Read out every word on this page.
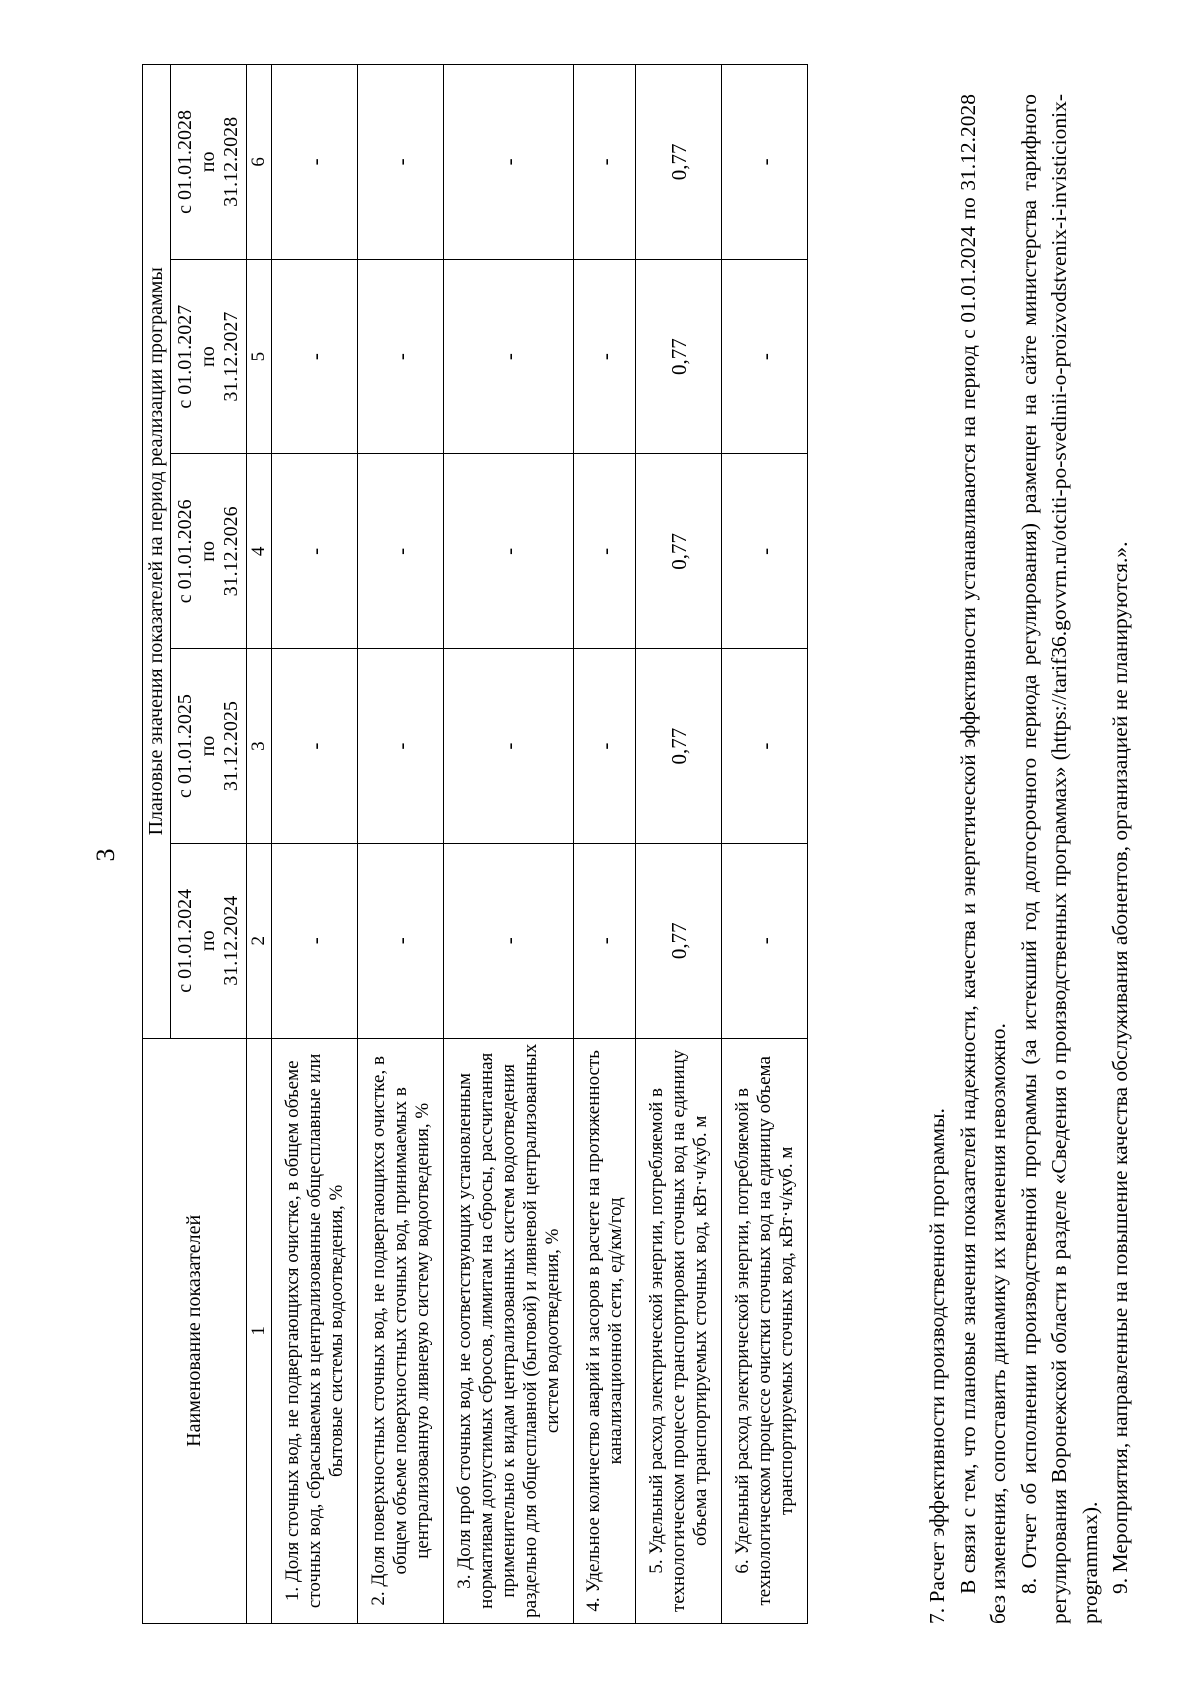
3
Наименование показателей	Плановые значения показателей на период реализации программы				

	с 01.01.2024 по 31.12.2024	с 01.01.2025 по 31.12.2025	с 01.01.2026 по 31.12.2026	с 01.01.2027 по 31.12.2027	с 01.01.2028 по 31.12.2028

1	2	3	4	5	6
1. Доля сточных вод, не подвергающихся очистке, в общем объеме сточных вод, сбрасываемых в централизованные общесплавные или бытовые системы водоотведения, %	-	-	-	-	-
2. Доля поверхностных сточных вод, не подвергающихся очистке, в общем объеме поверхностных сточных вод, принимаемых в централизованную ливневую систему водоотведения, %	-	-	-	-	-
3. Доля проб сточных вод, не соответствующих установленным нормативам допустимых сбросов, лимитам на сбросы, рассчитанная применительно к видам централизованных систем водоотведения раздельно для общесплавной (бытовой) и ливневой централизованных систем водоотведения, %	-	-	-	-	-
4. Удельное количество аварий и засоров в расчете на протяженность канализационной сети, ед/км/год	-	-	-	-	-
5. Удельный расход электрической энергии, потребляемой в технологическом процессе транспортировки сточных вод на единицу объема транспортируемых сточных вод, кВт·ч/куб. м	0,77	0,77	0,77	0,77	0,77
6. Удельный расход электрической энергии, потребляемой в технологическом процессе очистки сточных вод на единицу объема транспортируемых сточных вод, кВт·ч/куб. м	-	-	-	-	-

7. Расчет эффективности производственной программы. В связи с тем, что плановые значения показателей надежности, качества и энергетической эффективности устанавливаются на период с 01.01.2024 по 31.12.2028 без изменения, сопоставить динамику их изменения невозможно. 8. Отчет об исполнении производственной программы (за истекший год долгосрочного периода регулирования) размещен на сайте министерства тарифного регулирования Воронежской области в разделе «Сведения о производственных программах» (https://tarif36.govvrn.ru/otciti-po-svedinii-o-proizvodstvenix-i-invisticionix-programmax). 9. Мероприятия, направленные на повышение качества обслуживания абонентов, организацией не планируются.».
